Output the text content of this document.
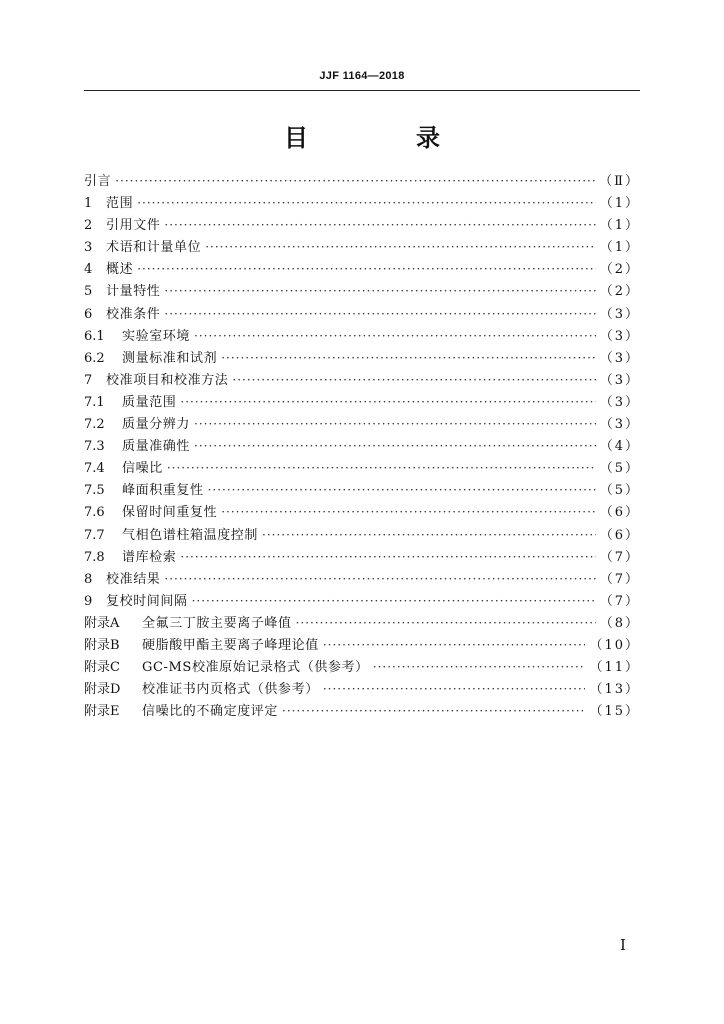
JJF 1164—2018
目　录
引言 ·····	（Ⅱ）
1	范围 ·····	（1）
2	引用文件 ·····	（1）
3	术语和计量单位 ·····	（1）
4	概述 ·····	（2）
5	计量特性 ·····	（2）
6	校准条件 ·····	（3）
6.1	实验室环境 ·····	（3）
6.2	测量标准和试剂 ·····	（3）
7	校准项目和校准方法 ·····	（3）
7.1	质量范围 ·····	（3）
7.2	质量分辨力 ·····	（3）
7.3	质量准确性 ·····	（4）
7.4	信噪比 ·····	（5）
7.5	峰面积重复性 ·····	（5）
7.6	保留时间重复性 ·····	（6）
7.7	气相色谱柱箱温度控制 ·····	（6）
7.8	谱库检索 ·····	（7）
8	校准结果 ·····	（7）
9	复校时间间隔 ·····	（7）
附录A	全氟三丁胺主要离子峰值 ·····	（8）
附录B	硬脂酸甲酯主要离子峰理论值 ·····	（10）
附录C	GC-MS校准原始记录格式（供参考） ·····	（11）
附录D	校准证书内页格式（供参考） ·····	（13）
附录E	信噪比的不确定度评定 ·····	（15）
I
